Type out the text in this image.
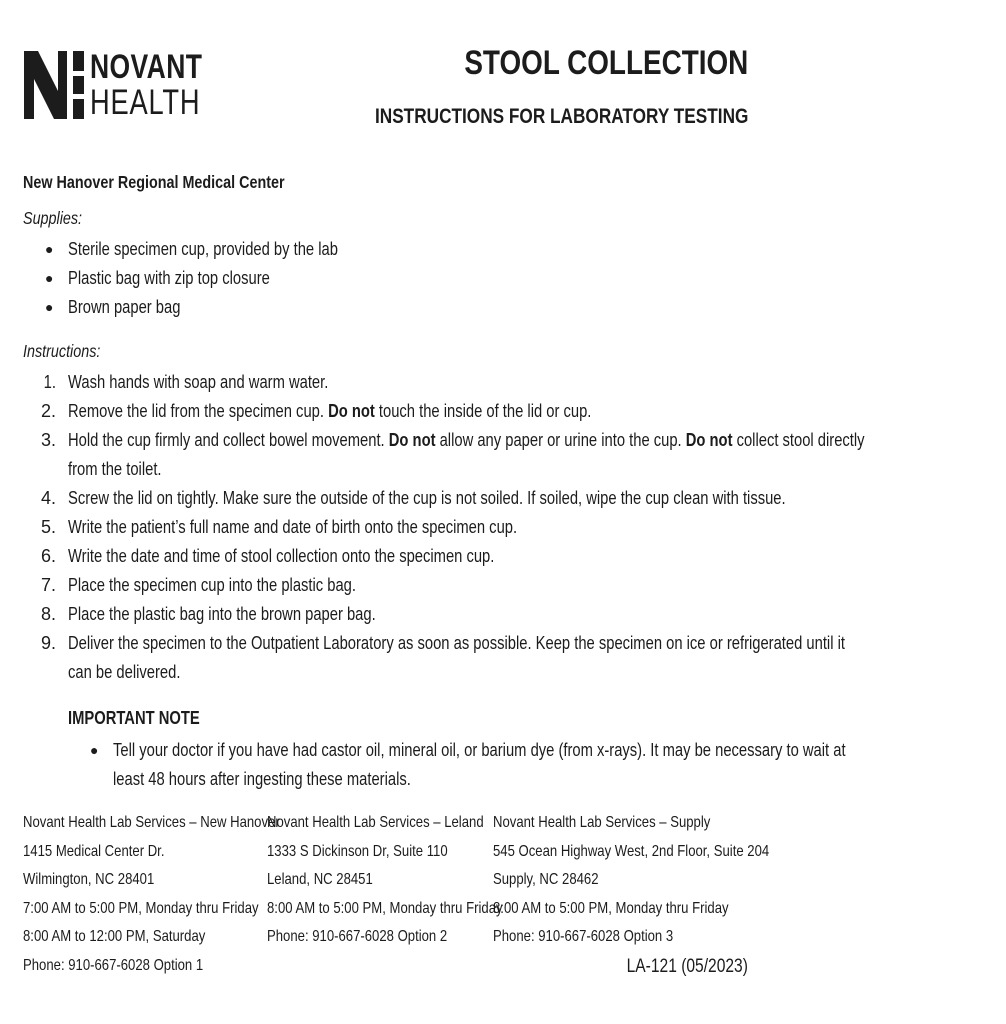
NOVANT
HEALTH
STOOL COLLECTION
INSTRUCTIONS FOR LABORATORY TESTING
New Hanover Regional Medical Center
Supplies:
● Sterile specimen cup, provided by the lab
● Plastic bag with zip top closure
● Brown paper bag
Instructions:
1. Wash hands with soap and warm water.
2. Remove the lid from the specimen cup. Do not touch the inside of the lid or cup.
3. Hold the cup firmly and collect bowel movement. Do not allow any paper or urine into the cup. Do not collect stool directly
from the toilet.
4. Screw the lid on tightly. Make sure the outside of the cup is not soiled. If soiled, wipe the cup clean with tissue.
5. Write the patient’s full name and date of birth onto the specimen cup.
6. Write the date and time of stool collection onto the specimen cup.
7. Place the specimen cup into the plastic bag.
8. Place the plastic bag into the brown paper bag.
9. Deliver the specimen to the Outpatient Laboratory as soon as possible. Keep the specimen on ice or refrigerated until it
can be delivered.
IMPORTANT NOTE
● Tell your doctor if you have had castor oil, mineral oil, or barium dye (from x-rays). It may be necessary to wait at
least 48 hours after ingesting these materials.
Novant Health Lab Services – New Hanover
1415 Medical Center Dr.
Wilmington, NC 28401
7:00 AM to 5:00 PM, Monday thru Friday
8:00 AM to 12:00 PM, Saturday
Phone: 910-667-6028 Option 1
Novant Health Lab Services – Leland
1333 S Dickinson Dr, Suite 110
Leland, NC 28451
8:00 AM to 5:00 PM, Monday thru Friday
Phone: 910-667-6028 Option 2
Novant Health Lab Services – Supply
545 Ocean Highway West, 2nd Floor, Suite 204
Supply, NC 28462
8:00 AM to 5:00 PM, Monday thru Friday
Phone: 910-667-6028 Option 3
LA-121 (05/2023)
